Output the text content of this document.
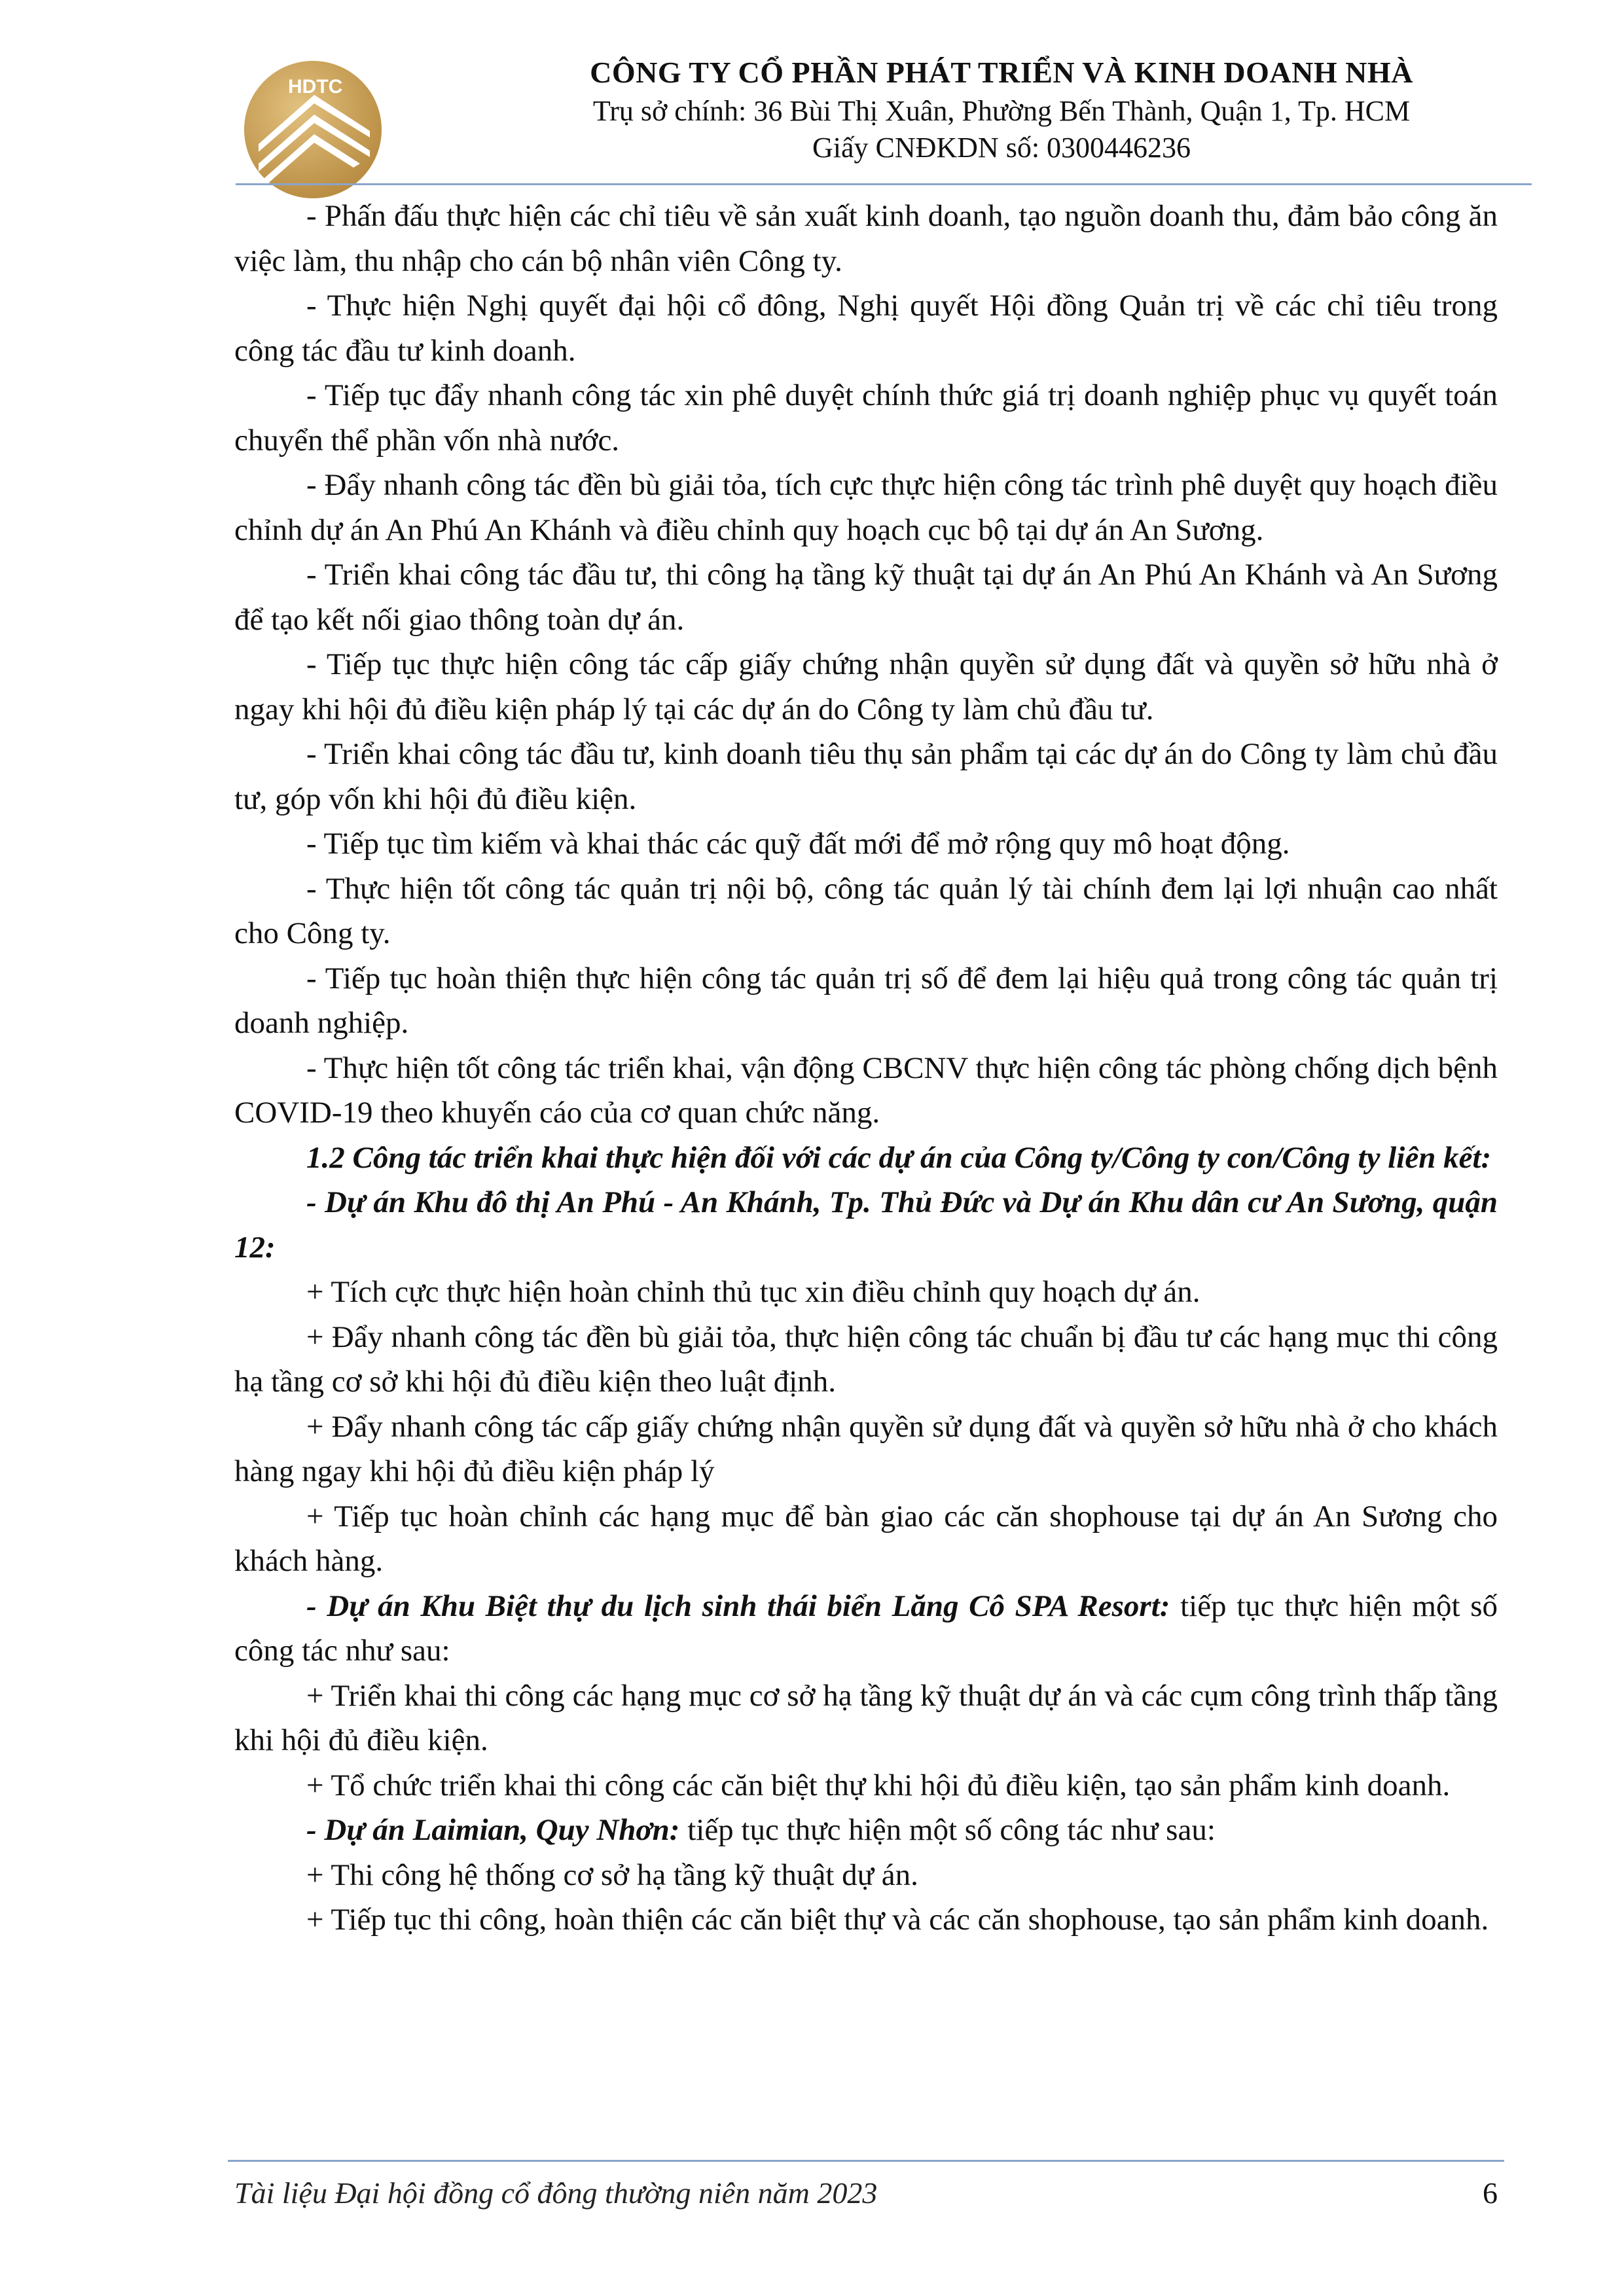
HDTC	CÔNG TY CỔ PHẦN PHÁT TRIỂN VÀ KINH DOANH NHÀ
Trụ sở chính: 36 Bùi Thị Xuân, Phường Bến Thành, Quận 1, Tp. HCM
Giấy CNĐKDN số: 0300446236

- Phấn đấu thực hiện các chỉ tiêu về sản xuất kinh doanh, tạo nguồn doanh thu, đảm bảo công ăn việc làm, thu nhập cho cán bộ nhân viên Công ty.

- Thực hiện Nghị quyết đại hội cổ đông, Nghị quyết Hội đồng Quản trị về các chỉ tiêu trong công tác đầu tư kinh doanh.

- Tiếp tục đẩy nhanh công tác xin phê duyệt chính thức giá trị doanh nghiệp phục vụ quyết toán chuyển thể phần vốn nhà nước.

- Đẩy nhanh công tác đền bù giải tỏa, tích cực thực hiện công tác trình phê duyệt quy hoạch điều chỉnh dự án An Phú An Khánh và điều chỉnh quy hoạch cục bộ tại dự án An Sương.

- Triển khai công tác đầu tư, thi công hạ tầng kỹ thuật tại dự án An Phú An Khánh và An Sương để tạo kết nối giao thông toàn dự án.

- Tiếp tục thực hiện công tác cấp giấy chứng nhận quyền sử dụng đất và quyền sở hữu nhà ở ngay khi hội đủ điều kiện pháp lý tại các dự án do Công ty làm chủ đầu tư.

- Triển khai công tác đầu tư, kinh doanh tiêu thụ sản phẩm tại các dự án do Công ty làm chủ đầu tư, góp vốn khi hội đủ điều kiện.

- Tiếp tục tìm kiếm và khai thác các quỹ đất mới để mở rộng quy mô hoạt động.

- Thực hiện tốt công tác quản trị nội bộ, công tác quản lý tài chính đem lại lợi nhuận cao nhất cho Công ty.

- Tiếp tục hoàn thiện thực hiện công tác quản trị số để đem lại hiệu quả trong công tác quản trị doanh nghiệp.

- Thực hiện tốt công tác triển khai, vận động CBCNV thực hiện công tác phòng chống dịch bệnh COVID-19 theo khuyến cáo của cơ quan chức năng.

1.2 Công tác triển khai thực hiện đối với các dự án của Công ty/Công ty con/Công ty liên kết:

- Dự án Khu đô thị An Phú - An Khánh, Tp. Thủ Đức và Dự án Khu dân cư An Sương, quận 12:

+ Tích cực thực hiện hoàn chỉnh thủ tục xin điều chỉnh quy hoạch dự án.

+ Đẩy nhanh công tác đền bù giải tỏa, thực hiện công tác chuẩn bị đầu tư các hạng mục thi công hạ tầng cơ sở khi hội đủ điều kiện theo luật định.

+ Đẩy nhanh công tác cấp giấy chứng nhận quyền sử dụng đất và quyền sở hữu nhà ở cho khách hàng ngay khi hội đủ điều kiện pháp lý

+ Tiếp tục hoàn chỉnh các hạng mục để bàn giao các căn shophouse tại dự án An Sương cho khách hàng.

- Dự án Khu Biệt thự du lịch sinh thái biển Lăng Cô SPA Resort: tiếp tục thực hiện một số công tác như sau:

+ Triển khai thi công các hạng mục cơ sở hạ tầng kỹ thuật dự án và các cụm công trình thấp tầng khi hội đủ điều kiện.

+ Tổ chức triển khai thi công các căn biệt thự khi hội đủ điều kiện, tạo sản phẩm kinh doanh.

- Dự án Laimian, Quy Nhơn: tiếp tục thực hiện một số công tác như sau:

+ Thi công hệ thống cơ sở hạ tầng kỹ thuật dự án.

+ Tiếp tục thi công, hoàn thiện các căn biệt thự và các căn shophouse, tạo sản phẩm kinh doanh.

Tài liệu Đại hội đồng cổ đông thường niên năm 2023	6
